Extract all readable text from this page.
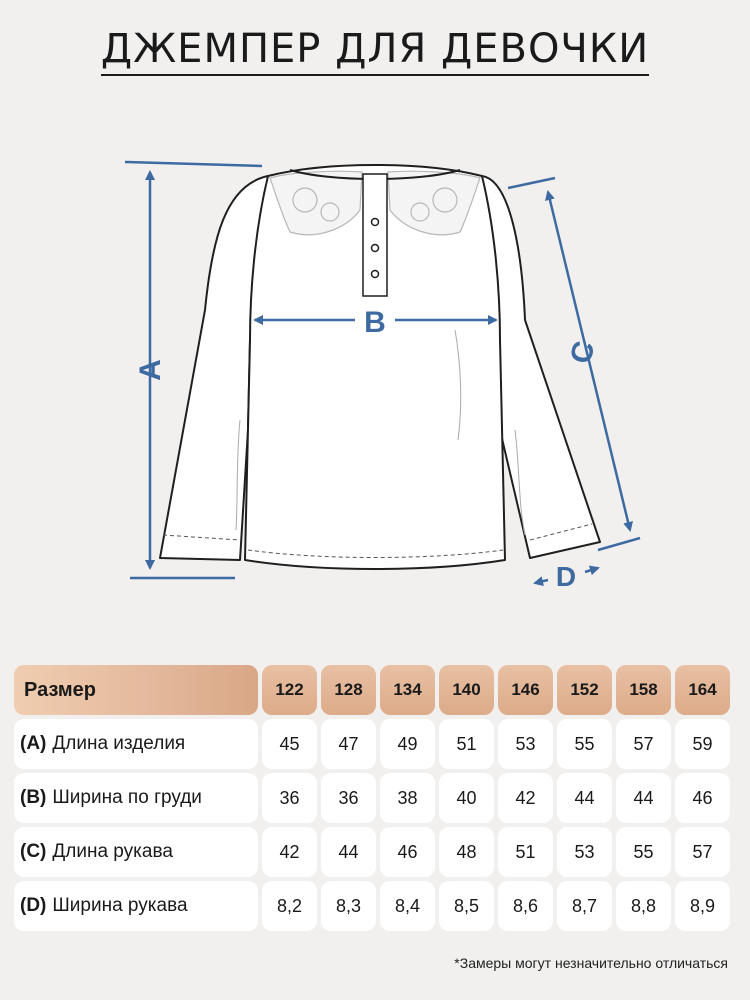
ДЖЕМПЕР ДЛЯ ДЕВОЧКИ
A
B
C
D
Размер	122	128	134	140	146	152	158	164
(A) Длина изделия	45	47	49	51	53	55	57	59
(B) Ширина по груди	36	36	38	40	42	44	44	46
(C) Длина рукава	42	44	46	48	51	53	55	57
(D) Ширина рукава	8,2	8,3	8,4	8,5	8,6	8,7	8,8	8,9
*Замеры могут незначительно отличаться
